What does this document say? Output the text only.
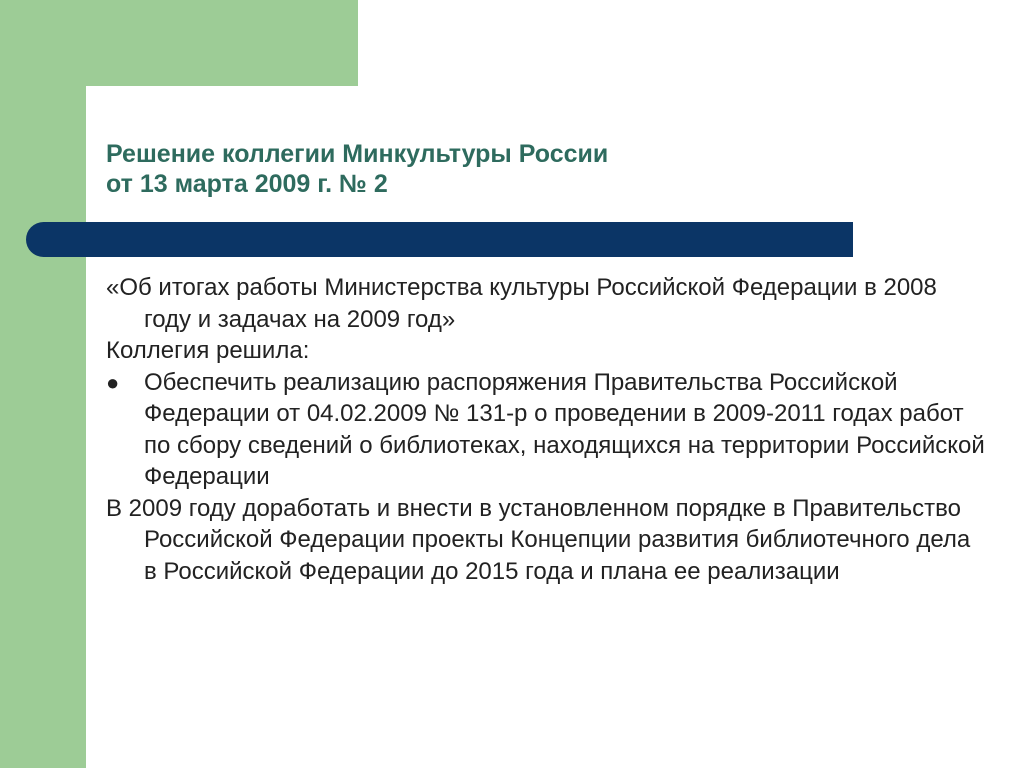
Решение коллегии Минкультуры России
от 13 марта 2009 г. № 2

«Об итогах работы Министерства культуры Российской Федерации в 2008 году и задачах на 2009 год»

Коллегия решила:

● Обеспечить реализацию распоряжения Правительства Российской Федерации от 04.02.2009 № 131-р о проведении в 2009-2011 годах работ по сбору сведений о библиотеках, находящихся на территории Российской Федерации

В 2009 году доработать и внести в установленном порядке в Правительство Российской Федерации проекты Концепции развития библиотечного дела в Российской Федерации до 2015 года и плана ее реализации
